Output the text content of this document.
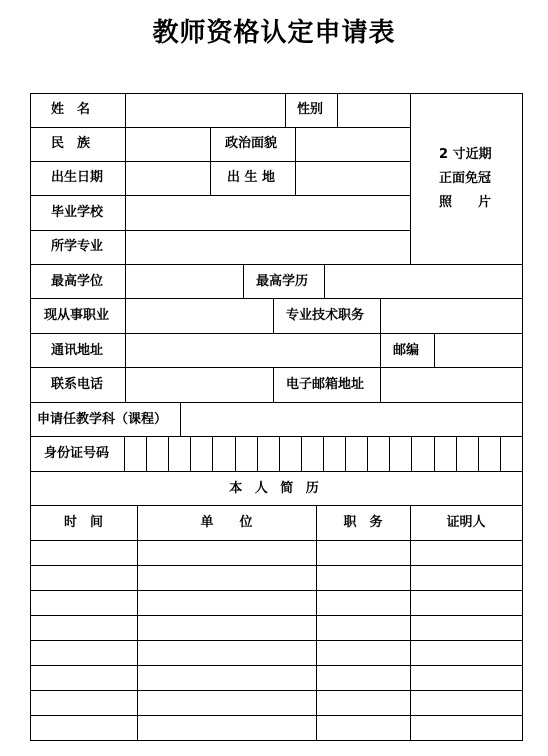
教师资格认定申请表
姓　名	性别
民　族	政治面貌
出生日期	出 生 地
毕业学校
所学专业
最高学位	最高学历
现从事职业	专业技术职务
通讯地址	邮编
联系电话	电子邮箱地址
申请任教学科（课程）
身份证号码
2 寸近期
正面免冠
照　　片
本 人 简 历
时　间	单　　位	职　务	证明人
